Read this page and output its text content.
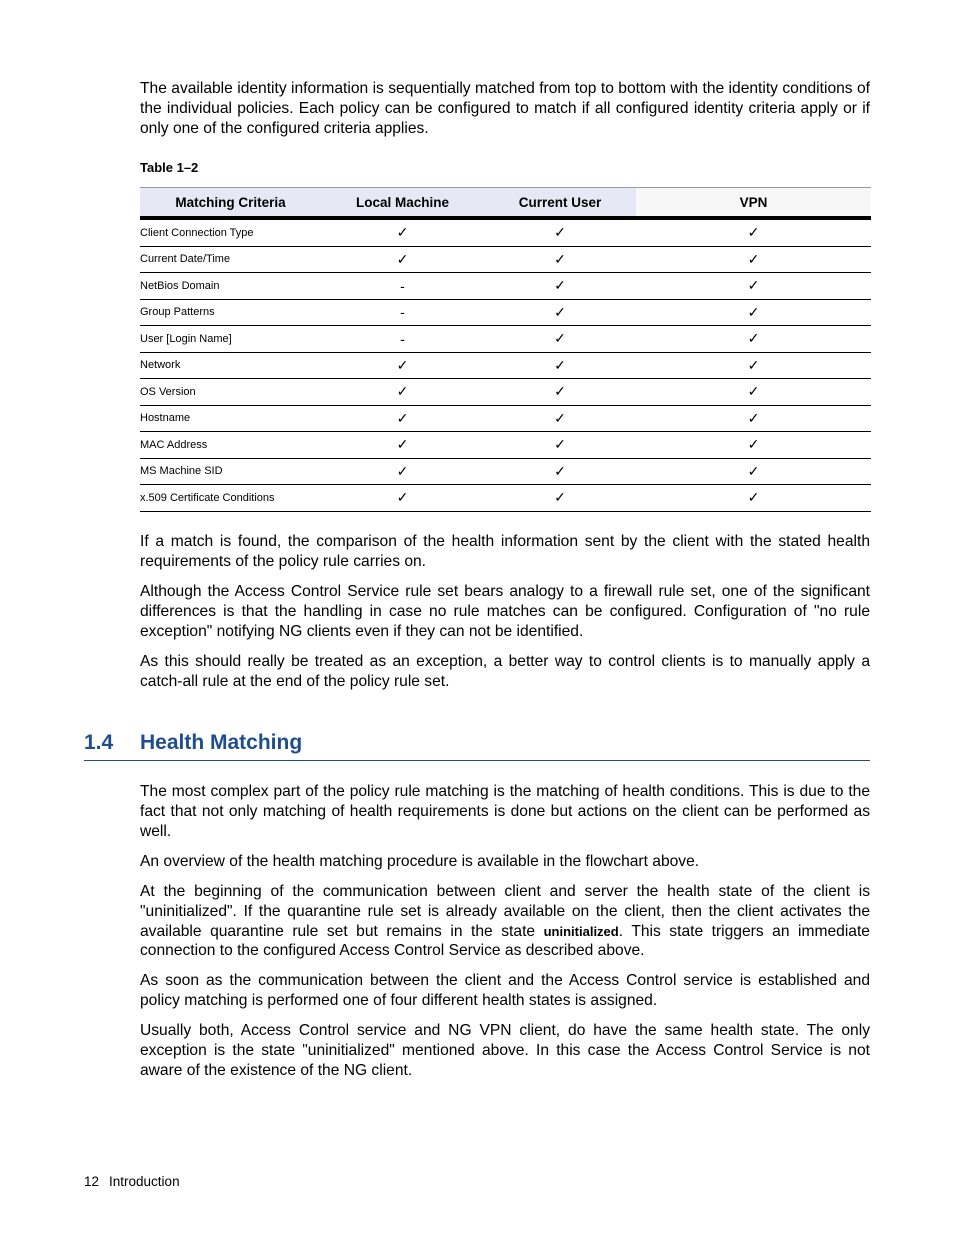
The available identity information is sequentially matched from top to bottom with the identity conditions of the individual policies. Each policy can be configured to match if all configured identity criteria apply or if only one of the configured criteria applies.

Table 1–2

Matching Criteria	Local Machine	Current User	VPN
Client Connection Type	✓	✓	✓
Current Date/Time	✓	✓	✓
NetBios Domain	-	✓	✓
Group Patterns	-	✓	✓
User [Login Name]	-	✓	✓
Network	✓	✓	✓
OS Version	✓	✓	✓
Hostname	✓	✓	✓
MAC Address	✓	✓	✓
MS Machine SID	✓	✓	✓
x.509 Certificate Conditions	✓	✓	✓

If a match is found, the comparison of the health information sent by the client with the stated health requirements of the policy rule carries on.

Although the Access Control Service rule set bears analogy to a firewall rule set, one of the significant differences is that the handling in case no rule matches can be configured. Configuration of "no rule exception" notifying NG clients even if they can not be identified.

As this should really be treated as an exception, a better way to control clients is to manually apply a catch-all rule at the end of the policy rule set.

1.4 Health Matching

The most complex part of the policy rule matching is the matching of health conditions. This is due to the fact that not only matching of health requirements is done but actions on the client can be performed as well.

An overview of the health matching procedure is available in the flowchart above.

At the beginning of the communication between client and server the health state of the client is "uninitialized". If the quarantine rule set is already available on the client, then the client activates the available quarantine rule set but remains in the state uninitialized. This state triggers an immediate connection to the configured Access Control Service as described above.

As soon as the communication between the client and the Access Control service is established and policy matching is performed one of four different health states is assigned.

Usually both, Access Control service and NG VPN client, do have the same health state. The only exception is the state "uninitialized" mentioned above. In this case the Access Control Service is not aware of the existence of the NG client.

12 Introduction
